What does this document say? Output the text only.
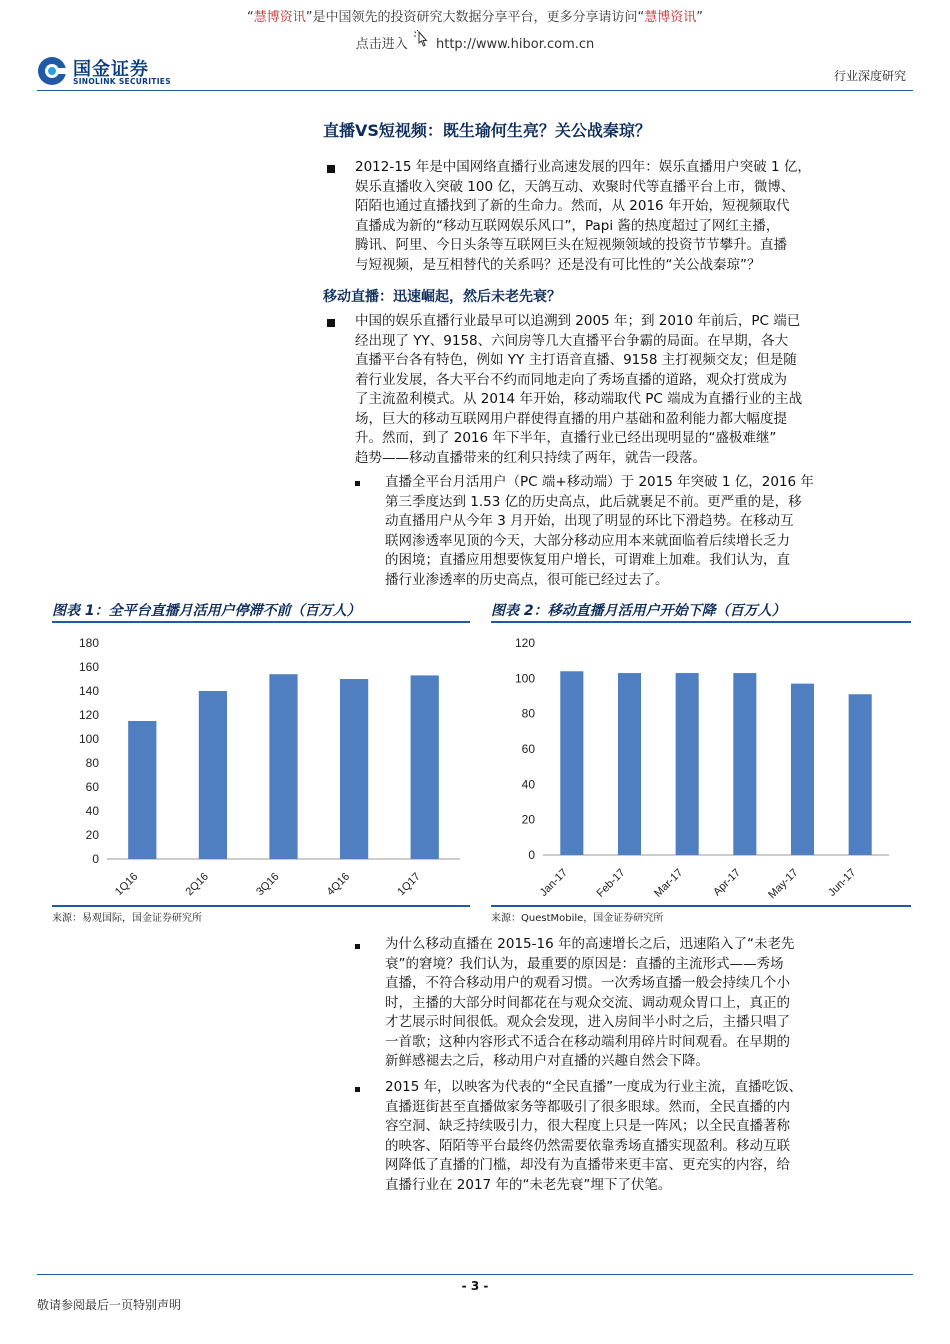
“慧博资讯”是中国领先的投资研究大数据分享平台，更多分享请访问“慧博资讯”
点击进入 http://www.hibor.com.cn
国金证券
SINOLINK SECURITIES	行业深度研究
直播VS短视频：既生瑜何生亮？关公战秦琼？
2012-15 年是中国网络直播行业高速发展的四年：娱乐直播用户突破 1 亿，
娱乐直播收入突破 100 亿，天鸽互动、欢聚时代等直播平台上市，微博、
陌陌也通过直播找到了新的生命力。然而，从 2016 年开始，短视频取代
直播成为新的“移动互联网娱乐风口”，Papi 酱的热度超过了网红主播，
腾讯、阿里、今日头条等互联网巨头在短视频领域的投资节节攀升。直播
与短视频，是互相替代的关系吗？还是没有可比性的“关公战秦琼”？
移动直播：迅速崛起，然后未老先衰？
中国的娱乐直播行业最早可以追溯到 2005 年；到 2010 年前后，PC 端已
经出现了 YY、9158、六间房等几大直播平台争霸的局面。在早期，各大
直播平台各有特色，例如 YY 主打语音直播、9158 主打视频交友；但是随
着行业发展，各大平台不约而同地走向了秀场直播的道路，观众打赏成为
了主流盈利模式。从 2014 年开始，移动端取代 PC 端成为直播行业的主战
场，巨大的移动互联网用户群使得直播的用户基础和盈利能力都大幅度提
升。然而，到了 2016 年下半年，直播行业已经出现明显的“盛极难继”
趋势——移动直播带来的红利只持续了两年，就告一段落。
直播全平台月活用户（PC 端+移动端）于 2015 年突破 1 亿，2016 年
第三季度达到 1.53 亿的历史高点，此后就裹足不前。更严重的是，移
动直播用户从今年 3 月开始，出现了明显的环比下滑趋势。在移动互
联网渗透率见顶的今天，大部分移动应用本来就面临着后续增长乏力
的困境；直播应用想要恢复用户增长，可谓难上加难。我们认为，直
播行业渗透率的历史高点，很可能已经过去了。
图表 1：全平台直播月活用户停滞不前（百万人）
0
20
40
60
80
100
120
140
160
180
1Q16	2Q16	3Q16	4Q16	1Q17
来源：易观国际，国金证券研究所
图表 2：移动直播月活用户开始下降（百万人）
0
20
40
60
80
100
120
Jan-17 Feb-17 Mar-17 Apr-17 May-17 Jun-17
来源：QuestMobile，国金证券研究所
为什么移动直播在 2015-16 年的高速增长之后，迅速陷入了“未老先
衰”的窘境？我们认为，最重要的原因是：直播的主流形式——秀场
直播，不符合移动用户的观看习惯。一次秀场直播一般会持续几个小
时，主播的大部分时间都花在与观众交流、调动观众胃口上，真正的
才艺展示时间很低。观众会发现，进入房间半小时之后，主播只唱了
一首歌；这种内容形式不适合在移动端利用碎片时间观看。在早期的
新鲜感褪去之后，移动用户对直播的兴趣自然会下降。
2015 年，以映客为代表的“全民直播”一度成为行业主流，直播吃饭、
直播逛街甚至直播做家务等都吸引了很多眼球。然而，全民直播的内
容空洞、缺乏持续吸引力，很大程度上只是一阵风；以全民直播著称
的映客、陌陌等平台最终仍然需要依靠秀场直播实现盈利。移动互联
网降低了直播的门槛，却没有为直播带来更丰富、更充实的内容，给
直播行业在 2017 年的“未老先衰”埋下了伏笔。
- 3 -
敬请参阅最后一页特别声明
